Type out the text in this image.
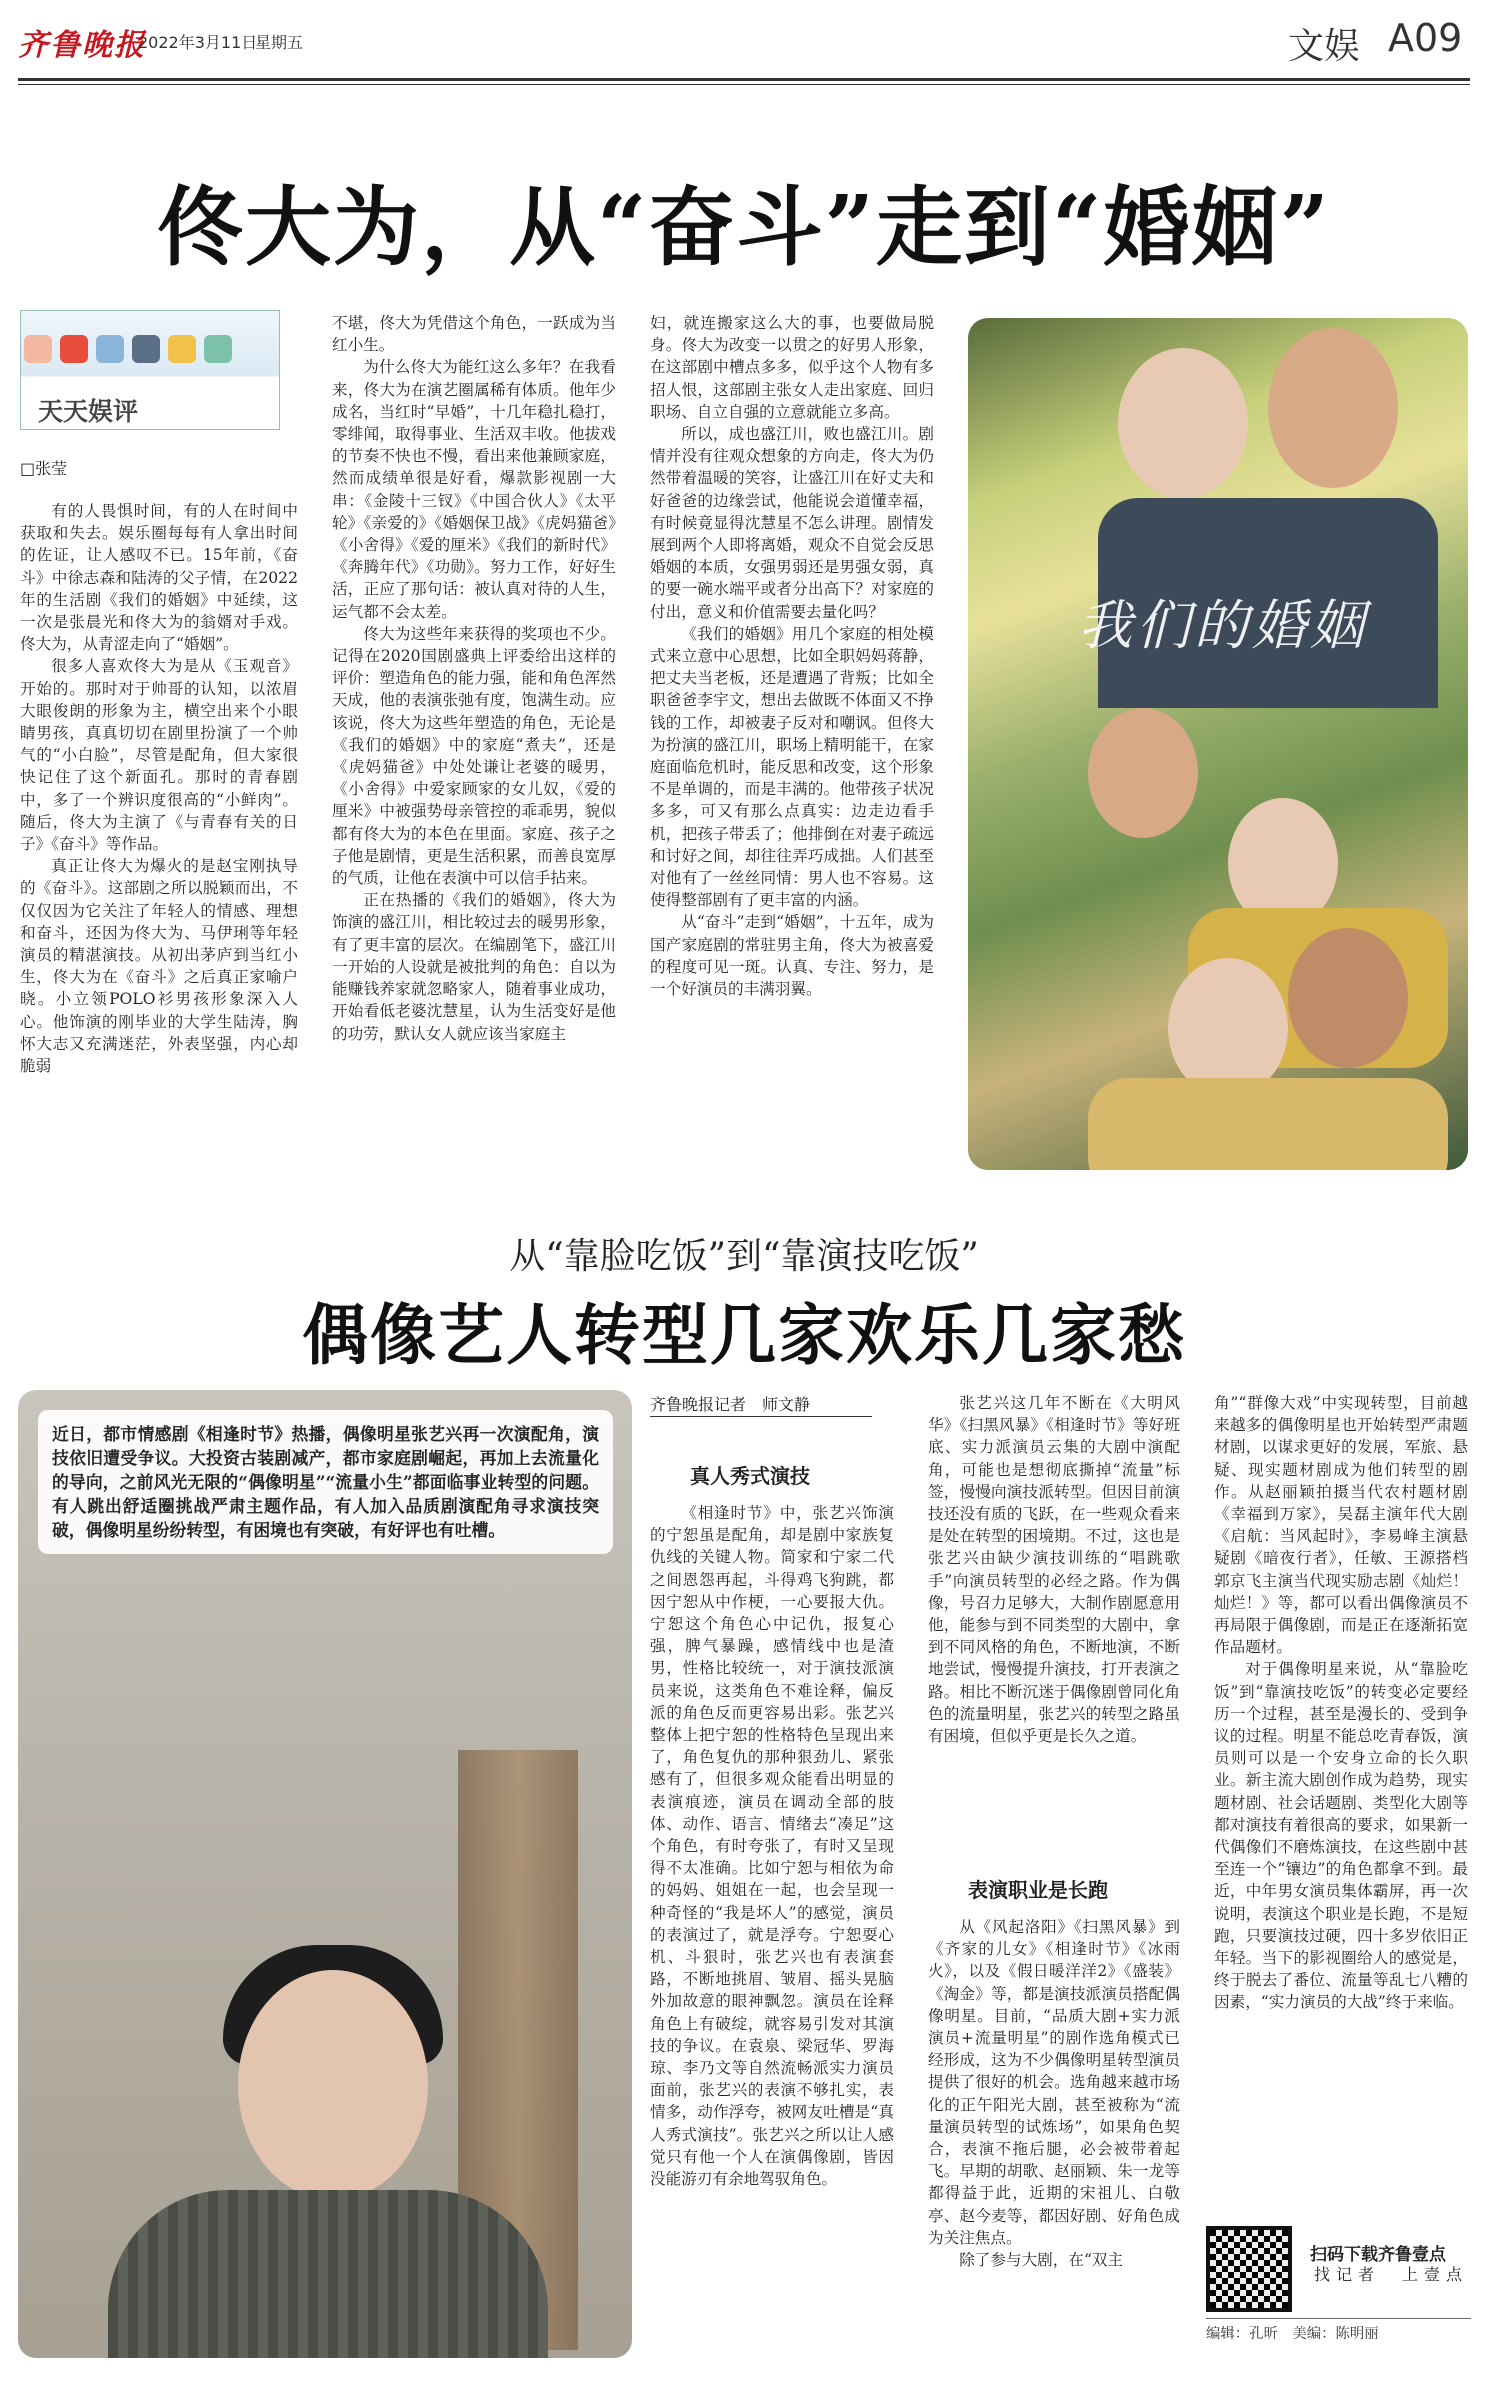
齐鲁晚报
2022年3月11日
星期五	文娱 A09
佟大为，从“奋斗”走到“婚姻”
天天娱评
□张莹

有的人畏惧时间，有的人在时间中获取和失去。娱乐圈每每有人拿出时间的佐证，让人感叹不已。15年前，《奋斗》中徐志森和陆涛的父子情，在2022年的生活剧《我们的婚姻》中延续，这一次是张晨光和佟大为的翁婿对手戏。佟大为，从青涩走向了“婚姻”。

很多人喜欢佟大为是从《玉观音》开始的。那时对于帅哥的认知，以浓眉大眼俊朗的形象为主，横空出来个小眼睛男孩，真真切切在剧里扮演了一个帅气的“小白脸”，尽管是配角，但大家很快记住了这个新面孔。那时的青春剧中，多了一个辨识度很高的“小鲜肉”。随后，佟大为主演了《与青春有关的日子》《奋斗》等作品。

真正让佟大为爆火的是赵宝刚执导的《奋斗》。这部剧之所以脱颖而出，不仅仅因为它关注了年轻人的情感、理想和奋斗，还因为佟大为、马伊琍等年轻演员的精湛演技。从初出茅庐到当红小生，佟大为在《奋斗》之后真正家喻户晓。小立领POLO衫男孩形象深入人心。他饰演的刚毕业的大学生陆涛，胸怀大志又充满迷茫，外表坚强，内心却脆弱

不堪，佟大为凭借这个角色，一跃成为当红小生。

为什么佟大为能红这么多年？在我看来，佟大为在演艺圈属稀有体质。他年少成名，当红时“早婚”，十几年稳扎稳打，零绯闻，取得事业、生活双丰收。他拔戏的节奏不快也不慢，看出来他兼顾家庭，然而成绩单很是好看，爆款影视剧一大串：《金陵十三钗》《中国合伙人》《太平轮》《亲爱的》《婚姻保卫战》《虎妈猫爸》《小舍得》《爱的厘米》《我们的新时代》《奔腾年代》《功勋》。努力工作，好好生活，正应了那句话：被认真对待的人生，运气都不会太差。

佟大为这些年来获得的奖项也不少。记得在2020国剧盛典上评委给出这样的评价：塑造角色的能力强，能和角色浑然天成，他的表演张弛有度，饱满生动。应该说，佟大为这些年塑造的角色，无论是《我们的婚姻》中的家庭“煮夫”，还是《虎妈猫爸》中处处谦让老婆的暖男，《小舍得》中爱家顾家的女儿奴，《爱的厘米》中被强势母亲管控的乖乖男，貌似都有佟大为的本色在里面。家庭、孩子之子他是剧情，更是生活积累，而善良宽厚的气质，让他在表演中可以信手拈来。

正在热播的《我们的婚姻》，佟大为饰演的盛江川，相比较过去的暖男形象，有了更丰富的层次。在编剧笔下，盛江川一开始的人设就是被批判的角色：自以为能赚钱养家就忽略家人，随着事业成功，开始看低老婆沈慧星，认为生活变好是他的功劳，默认女人就应该当家庭主

妇，就连搬家这么大的事，也要做局脱身。佟大为改变一以贯之的好男人形象，在这部剧中槽点多多，似乎这个人物有多招人恨，这部剧主张女人走出家庭、回归职场、自立自强的立意就能立多高。

所以，成也盛江川，败也盛江川。剧情并没有往观众想象的方向走，佟大为仍然带着温暖的笑容，让盛江川在好丈夫和好爸爸的边缘尝试，他能说会道懂幸福，有时候竟显得沈慧星不怎么讲理。剧情发展到两个人即将离婚，观众不自觉会反思婚姻的本质，女强男弱还是男强女弱，真的要一碗水端平或者分出高下？对家庭的付出，意义和价值需要去量化吗？

《我们的婚姻》用几个家庭的相处模式来立意中心思想，比如全职妈妈蒋静，把丈夫当老板，还是遭遇了背叛；比如全职爸爸李宇文，想出去做既不体面又不挣钱的工作，却被妻子反对和嘲讽。但佟大为扮演的盛江川，职场上精明能干，在家庭面临危机时，能反思和改变，这个形象不是单调的，而是丰满的。他带孩子状况多多，可又有那么点真实：边走边看手机，把孩子带丢了；他排倒在对妻子疏远和讨好之间，却往往弄巧成拙。人们甚至对他有了一丝丝同情：男人也不容易。这使得整部剧有了更丰富的内涵。

从“奋斗”走到“婚姻”，十五年，成为国产家庭剧的常驻男主角，佟大为被喜爱的程度可见一斑。认真、专注、努力，是一个好演员的丰满羽翼。

我们的婚姻
从“靠脸吃饭”到“靠演技吃饭”
偶像艺人转型几家欢乐几家愁
近日，都市情感剧《相逢时节》热播，偶像明星张艺兴再一次演配角，演技依旧遭受争议。大投资古装剧减产，都市家庭剧崛起，再加上去流量化的导向，之前风光无限的“偶像明星”“流量小生”都面临事业转型的问题。有人跳出舒适圈挑战严肃主题作品，有人加入品质剧演配角寻求演技突破，偶像明星纷纷转型，有困境也有突破，有好评也有吐槽。
齐鲁晚报记者　师文静
真人秀式演技

《相逢时节》中，张艺兴饰演的宁恕虽是配角，却是剧中家族复仇线的关键人物。简家和宁家二代之间恩怨再起，斗得鸡飞狗跳，都因宁恕从中作梗，一心要报大仇。宁恕这个角色心中记仇，报复心强，脾气暴躁，感情线中也是渣男，性格比较统一，对于演技派演员来说，这类角色不难诠释，偏反派的角色反而更容易出彩。张艺兴整体上把宁恕的性格特色呈现出来了，角色复仇的那种狠劲儿、紧张感有了，但很多观众能看出明显的表演痕迹，演员在调动全部的肢体、动作、语言、情绪去“凑足”这个角色，有时夸张了，有时又呈现得不太准确。比如宁恕与相依为命的妈妈、姐姐在一起，也会呈现一种奇怪的“我是坏人”的感觉，演员的表演过了，就是浮夸。宁恕耍心机、斗狠时，张艺兴也有表演套路，不断地挑眉、皱眉、摇头晃脑外加故意的眼神飘忽。演员在诠释角色上有破绽，就容易引发对其演技的争议。在袁泉、梁冠华、罗海琼、李乃文等自然流畅派实力演员面前，张艺兴的表演不够扎实，表情多，动作浮夸，被网友吐槽是“真人秀式演技”。张艺兴之所以让人感觉只有他一个人在演偶像剧，皆因没能游刃有余地驾驭角色。

张艺兴这几年不断在《大明风华》《扫黑风暴》《相逢时节》等好班底、实力派演员云集的大剧中演配角，可能也是想彻底撕掉“流量”标签，慢慢向演技派转型。但因目前演技还没有质的飞跃，在一些观众看来是处在转型的困境期。不过，这也是张艺兴由缺少演技训练的“唱跳歌手”向演员转型的必经之路。作为偶像，号召力足够大，大制作剧愿意用他，能参与到不同类型的大剧中，拿到不同风格的角色，不断地演，不断地尝试，慢慢提升演技，打开表演之路。相比不断沉迷于偶像剧曾同化角色的流量明星，张艺兴的转型之路虽有困境，但似乎更是长久之道。

表演职业是长跑

从《风起洛阳》《扫黑风暴》到《齐家的儿女》《相逢时节》《冰雨火》，以及《假日暖洋洋2》《盛装》《淘金》等，都是演技派演员搭配偶像明星。目前，“品质大剧+实力派演员+流量明星”的剧作选角模式已经形成，这为不少偶像明星转型演员提供了很好的机会。选角越来越市场化的正午阳光大剧，甚至被称为“流量演员转型的试炼场”，如果角色契合，表演不拖后腿，必会被带着起飞。早期的胡歌、赵丽颖、朱一龙等都得益于此，近期的宋祖儿、白敬亭、赵今麦等，都因好剧、好角色成为关注焦点。

除了参与大剧，在“双主

角”“群像大戏”中实现转型，目前越来越多的偶像明星也开始转型严肃题材剧，以谋求更好的发展，军旅、悬疑、现实题材剧成为他们转型的剧作。从赵丽颖拍摄当代农村题材剧《幸福到万家》，吴磊主演年代大剧《启航：当风起时》，李易峰主演悬疑剧《暗夜行者》，任敏、王源搭档郭京飞主演当代现实励志剧《灿烂！灿烂！》等，都可以看出偶像演员不再局限于偶像剧，而是正在逐渐拓宽作品题材。

对于偶像明星来说，从“靠脸吃饭”到“靠演技吃饭”的转变必定要经历一个过程，甚至是漫长的、受到争议的过程。明星不能总吃青春饭，演员则可以是一个安身立命的长久职业。新主流大剧创作成为趋势，现实题材剧、社会话题剧、类型化大剧等都对演技有着很高的要求，如果新一代偶像们不磨炼演技，在这些剧中甚至连一个“镶边”的角色都拿不到。最近，中年男女演员集体霸屏，再一次说明，表演这个职业是长跑，不是短跑，只要演技过硬，四十多岁依旧正年轻。当下的影视圈给人的感觉是，终于脱去了番位、流量等乱七八糟的因素，“实力演员的大战”终于来临。

扫码下载齐鲁壹点
找记者　上壹点
编辑：孔昕　美编：陈明丽
